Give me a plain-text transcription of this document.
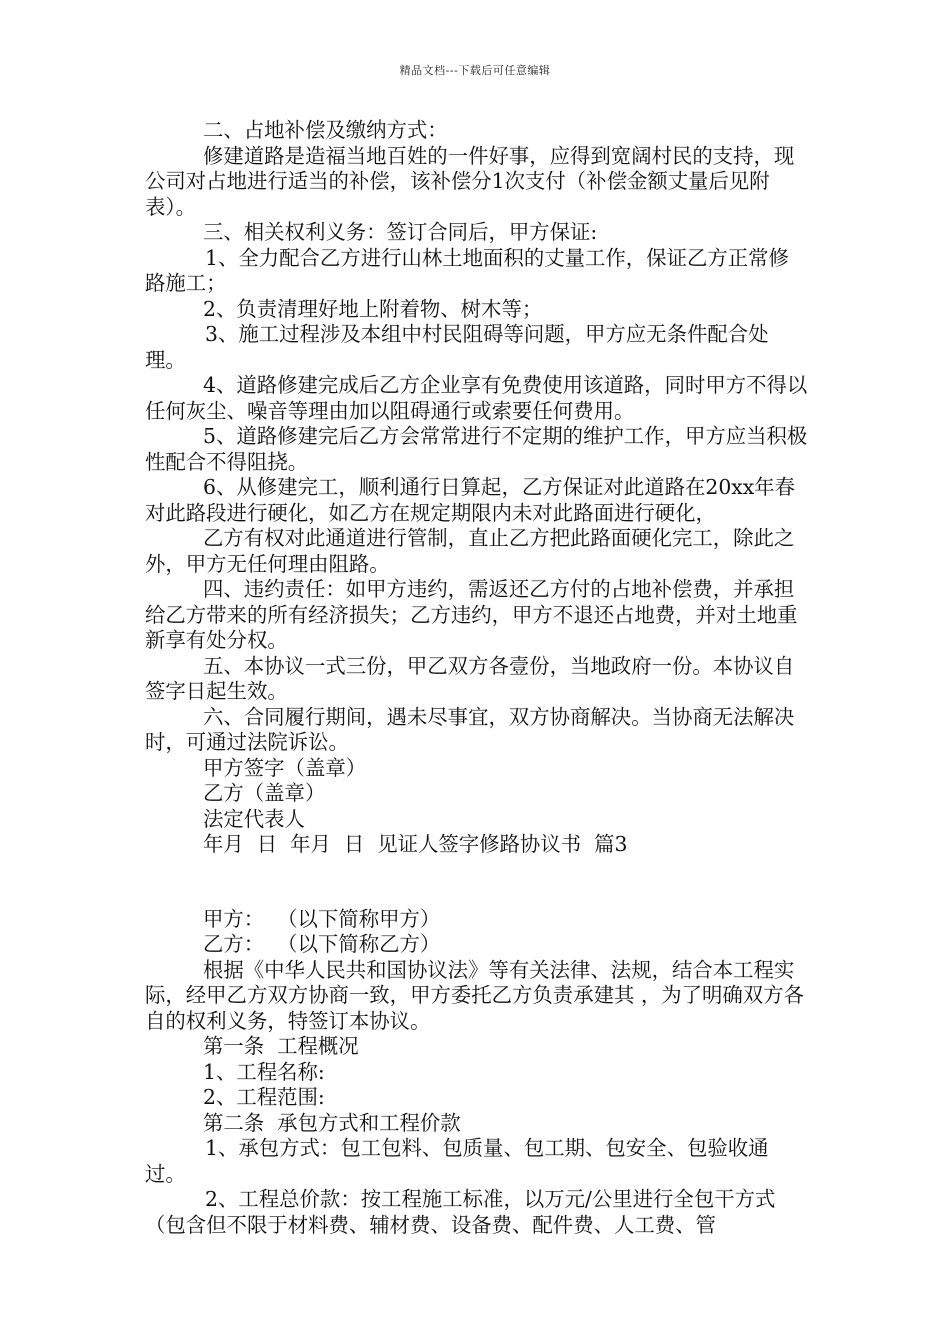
精品文档---下载后可任意编辑

二、占地补偿及缴纳方式：

修建道路是造福当地百姓的一件好事，应得到宽阔村民的支持，现公司对占地进行适当的补偿，该补偿分1次支付（补偿金额丈量后见附表）。

三、相关权利义务：签订合同后，甲方保证:

1、全力配合乙方进行山林土地面积的丈量工作，保证乙方正常修路施工；

2、负责清理好地上附着物、树木等；

3、施工过程涉及本组中村民阻碍等问题，甲方应无条件配合处理。

4、道路修建完成后乙方企业享有免费使用该道路，同时甲方不得以任何灰尘、噪音等理由加以阻碍通行或索要任何费用。

5、道路修建完后乙方会常常进行不定期的维护工作，甲方应当积极性配合不得阻挠。

6、从修建完工，顺利通行日算起，乙方保证对此道路在20xx年春对此路段进行硬化，如乙方在规定期限内未对此路面进行硬化，

乙方有权对此通道进行管制，直止乙方把此路面硬化完工，除此之外，甲方无任何理由阻路。

四、违约责任：如甲方违约，需返还乙方付的占地补偿费，并承担给乙方带来的所有经济损失；乙方违约，甲方不退还占地费，并对土地重新享有处分权。

五、本协议一式三份，甲乙双方各壹份，当地政府一份。本协议自签字日起生效。

六、合同履行期间，遇未尽事宜，双方协商解决。当协商无法解决时，可通过法院诉讼。

甲方签字（盖章）

乙方（盖章）

法定代表人

年月  日  年月  日  见证人签字修路协议书  篇3

甲方：  （以下简称甲方）

乙方：  （以下简称乙方）

根据《中华人民共和国协议法》等有关法律、法规，结合本工程实际，经甲乙方双方协商一致，甲方委托乙方负责承建其 ，为了明确双方各自的权利义务，特签订本协议。

第一条  工程概况

1、工程名称:

2、工程范围:

第二条  承包方式和工程价款

1、承包方式：包工包料、包质量、包工期、包安全、包验收通过。

2、工程总价款：按工程施工标准，以万元/公里进行全包干方式（包含但不限于材料费、辅材费、设备费、配件费、人工费、管
